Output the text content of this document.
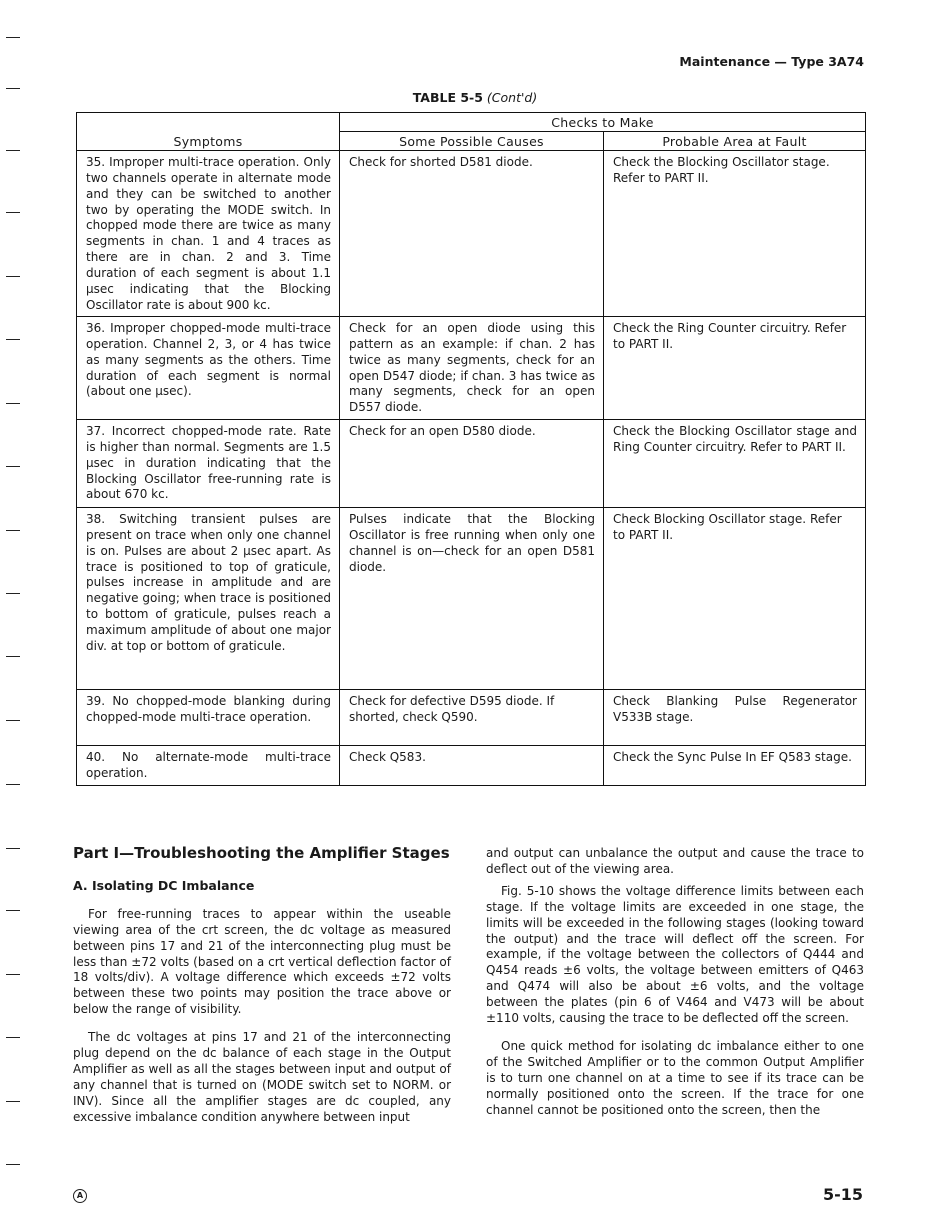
Maintenance — Type 3A74
TABLE 5-5 (Cont'd)
Symptoms	Checks to Make	
	Some Possible Causes	Probable Area at Fault
35. Improper multi-trace operation. Only two channels operate in alternate mode and they can be switched to another two by operating the MODE switch. In chopped mode there are twice as many segments in chan. 1 and 4 traces as there are in chan. 2 and 3. Time duration of each segment is about 1.1 µsec indicating that the Blocking Oscillator rate is about 900 kc.	Check for shorted D581 diode.	Check the Blocking Oscillator stage. Refer to PART II.
36. Improper chopped-mode multi-trace operation. Channel 2, 3, or 4 has twice as many segments as the others. Time duration of each segment is normal (about one µsec).	Check for an open diode using this pattern as an example: if chan. 2 has twice as many segments, check for an open D547 diode; if chan. 3 has twice as many segments, check for an open D557 diode.	Check the Ring Counter circuitry. Refer to PART II.
37. Incorrect chopped-mode rate. Rate is higher than normal. Segments are 1.5 µsec in duration indicating that the Blocking Oscillator free-running rate is about 670 kc.	Check for an open D580 diode.	Check the Blocking Oscillator stage and Ring Counter circuitry. Refer to PART II.
38. Switching transient pulses are present on trace when only one channel is on. Pulses are about 2 µsec apart. As trace is positioned to top of graticule, pulses increase in amplitude and are negative going; when trace is positioned to bottom of graticule, pulses reach a maximum amplitude of about one major div. at top or bottom of graticule.	Pulses indicate that the Blocking Oscillator is free running when only one channel is on—check for an open D581 diode.	Check Blocking Oscillator stage. Refer to PART II.
39. No chopped-mode blanking during chopped-mode multi-trace operation.	Check for defective D595 diode. If shorted, check Q590.	Check Blanking Pulse Regenerator V533B stage.
40. No alternate-mode multi-trace operation.	Check Q583.	Check the Sync Pulse In EF Q583 stage.

Part I—Troubleshooting the Amplifier Stages

A. Isolating DC Imbalance

For free-running traces to appear within the useable viewing area of the crt screen, the dc voltage as measured between pins 17 and 21 of the interconnecting plug must be less than ±72 volts (based on a crt vertical deflection factor of 18 volts/div). A voltage difference which exceeds ±72 volts between these two points may position the trace above or below the range of visibility.

The dc voltages at pins 17 and 21 of the interconnecting plug depend on the dc balance of each stage in the Output Amplifier as well as all the stages between input and output of any channel that is turned on (MODE switch set to NORM. or INV). Since all the amplifier stages are dc coupled, any excessive imbalance condition anywhere between input

and output can unbalance the output and cause the trace to deflect out of the viewing area.

Fig. 5-10 shows the voltage difference limits between each stage. If the voltage limits are exceeded in one stage, the limits will be exceeded in the following stages (looking toward the output) and the trace will deflect off the screen. For example, if the voltage between the collectors of Q444 and Q454 reads ±6 volts, the voltage between emitters of Q463 and Q474 will also be about ±6 volts, and the voltage between the plates (pin 6 of V464 and V473 will be about ±110 volts, causing the trace to be deflected off the screen.

One quick method for isolating dc imbalance either to one of the Switched Amplifier or to the common Output Amplifier is to turn one channel on at a time to see if its trace can be normally positioned onto the screen. If the trace for one channel cannot be positioned onto the screen, then the

A	5-15
